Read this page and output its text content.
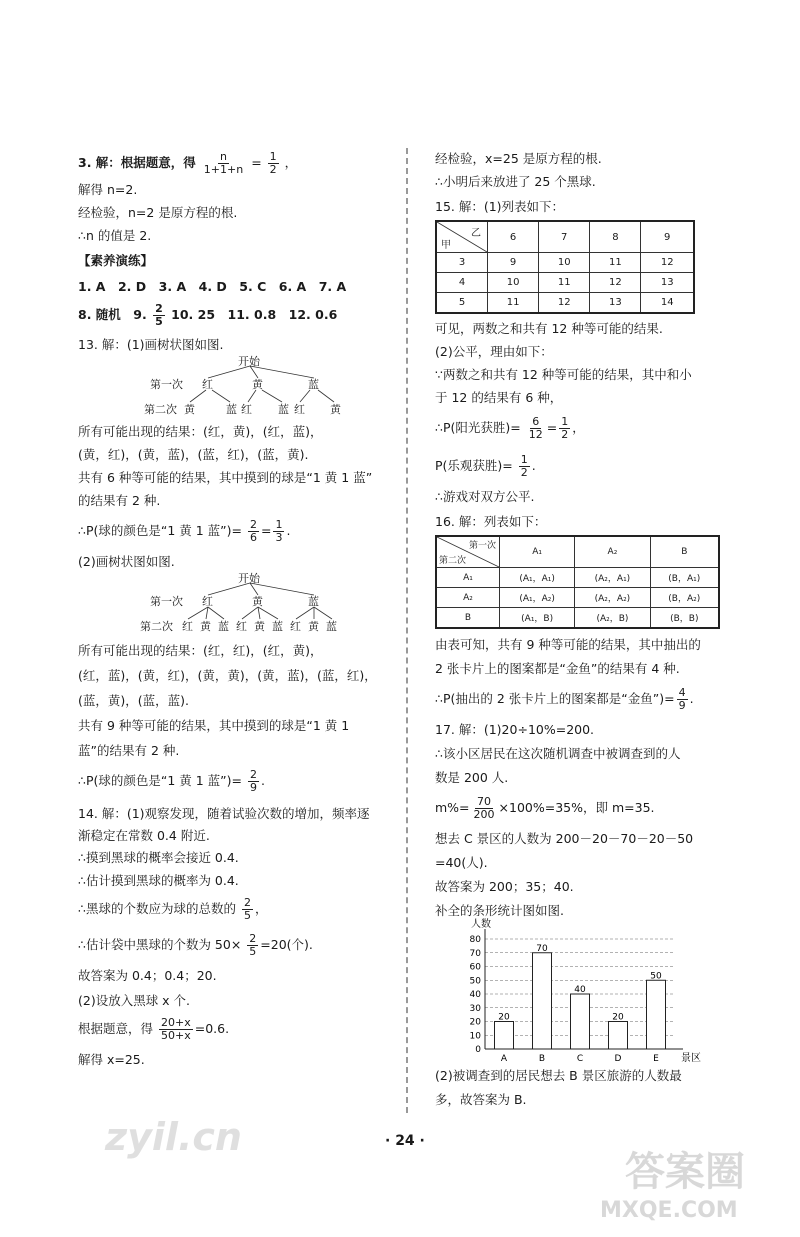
3. 解：根据题意，得 $\frac{n}{1+1+n} = \frac{1}{2}$ ，
解得 n=2.
经检验，n=2 是原方程的根.
∴n 的值是 2.
【素养演练】
1. A　2. D　3. A　4. D　5. C　6. A　7. A
8. 随机　9. $\frac{2}{5} 10$. 25　11. 0.8　12. 0.6
13. 解：(1)画树状图如图.
开始
第一次 红	黄	蓝
第二次 黄	蓝 红 蓝 红 黄
所有可能出现的结果：(红，黄)，(红，蓝)，
(黄，红)，(黄，蓝)，(蓝，红)，(蓝，黄).
共有 6 种等可能的结果，其中摸到的球是“1 黄 1 蓝”
的结果有 2 种.
∴P(球的颜色是“1 黄 1 蓝”)= $\frac{2}{6} = \frac{1}{3}$ .
(2)画树状图如图.
开始
第一次 红	黄	蓝
第二次 红 黄 蓝 红 黄 蓝 红 黄 蓝
所有可能出现的结果：(红，红)，(红，黄)，
(红，蓝)，(黄，红)，(黄，黄)，(黄，蓝)，(蓝，红)，
(蓝，黄)，(蓝，蓝).
共有 9 种等可能的结果，其中摸到的球是“1 黄 1
蓝”的结果有 2 种.
∴P(球的颜色是“1 黄 1 蓝”)= $\frac{2}{9}$ .
14. 解：(1)观察发现，随着试验次数的增加，频率逐
渐稳定在常数 0.4 附近.
∴摸到黑球的概率会接近 0.4.
∴估计摸到黑球的概率为 0.4.
∴黑球的个数应为球的总数的 $\frac{2}{5}$ ，
∴估计袋中黑球的个数为 $50\times \frac{2}{5} =20$(个).
故答案为 0.4；0.4；20.
(2)设放入黑球 x 个.
根据题意，得 $\frac{20+x}{50+x} =0.6$.
解得 x=25.
经检验，x=25 是原方程的根.
∴小明后来放进了 25 个黑球.
15. 解：(1)列表如下：
乙
甲	6	7	8	9
3	9	10	11	12
4	10	11	12	13
5	11	12	13	14
可见，两数之和共有 12 种等可能的结果.
(2)公平，理由如下：
∵两数之和共有 12 种等可能的结果，其中和小
于 12 的结果有 6 种，
∴P(阳光获胜)= $\frac{6}{12} = \frac{1}{2}$ ，
P(乐观获胜)= $\frac{1}{2}$ .
∴游戏对双方公平.
16. 解：列表如下：
第一次
第二次	A₁	A₂	B
A₁	(A₁，A₁)	(A₂，A₁)	(B，A₁)
A₂	(A₁，A₂)	(A₂，A₂)	(B，A₂)
B	(A₁，B)	(A₂，B)	(B，B)
由表可知，共有 9 种等可能的结果，其中抽出的
2 张卡片上的图案都是“金鱼”的结果有 4 种.
∴P(抽出的 2 张卡片上的图案都是“金鱼”)= $\frac{4}{9}$ .
17. 解：(1)20÷10%=200.
∴该小区居民在这次随机调查中被调查到的人
数是 200 人.
$m\%= \frac{70}{200} \times 100\%=35\%$，即 m=35.
想去 C 景区的人数为 200－20－70－20－50
=40(人).
故答案为 200；35；40.
补全的条形统计图如图.
0
10
20
30
40
50
60
70
80
人数
景区
20
A
70
B
40
C
20
D
50
E
(2)被调查到的居民想去 B 景区旅游的人数最
多，故答案为 B.
· 24 ·
zyil.cn
答案圈
MXQE.COM
